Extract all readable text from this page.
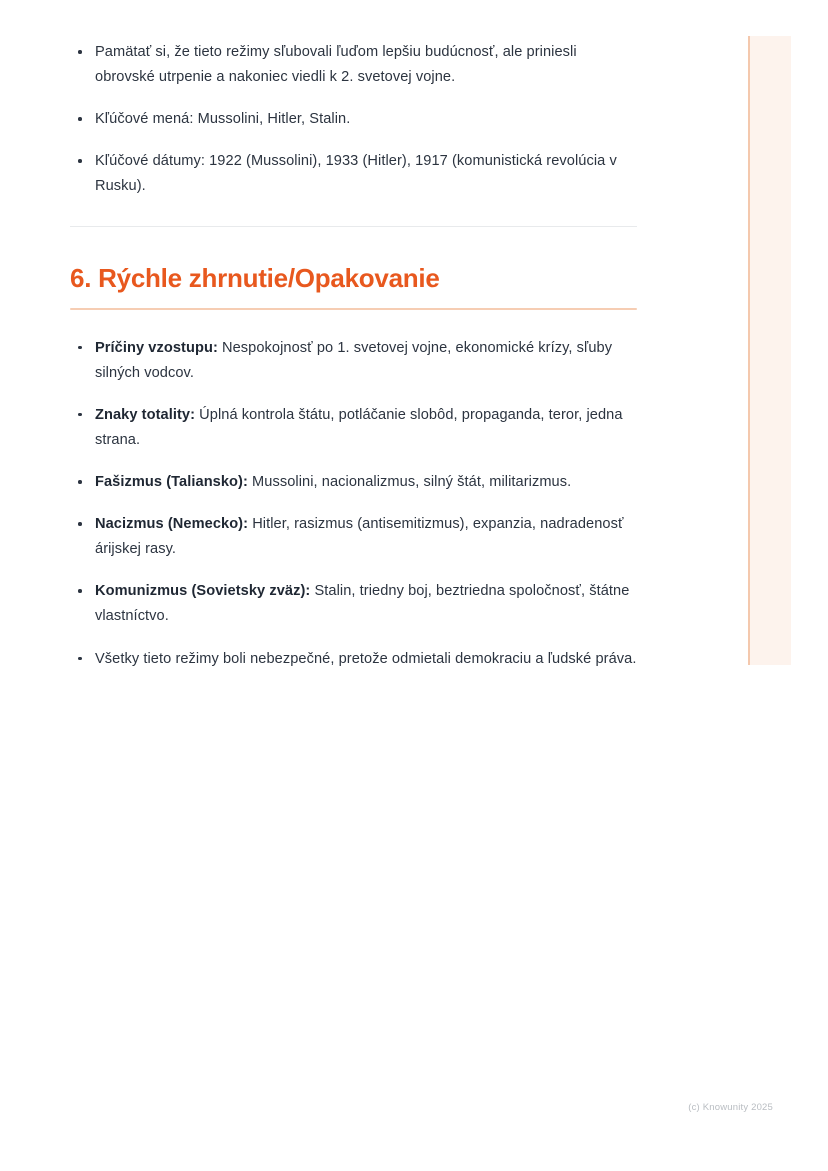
Pamätať si, že tieto režimy sľubovali ľuďom lepšiu budúcnosť, ale priniesli obrovské utrpenie a nakoniec viedli k 2. svetovej vojne.
Kľúčové mená: Mussolini, Hitler, Stalin.
Kľúčové dátumy: 1922 (Mussolini), 1933 (Hitler), 1917 (komunistická revolúcia v Rusku).
6. Rýchle zhrnutie/Opakovanie
Príčiny vzostupu: Nespokojnosť po 1. svetovej vojne, ekonomické krízy, sľuby silných vodcov.
Znaky totality: Úplná kontrola štátu, potláčanie slobôd, propaganda, teror, jedna strana.
Fašizmus (Taliansko): Mussolini, nacionalizmus, silný štát, militarizmus.
Nacizmus (Nemecko): Hitler, rasizmus (antisemitizmus), expanzia, nadradenosť árijskej rasy.
Komunizmus (Sovietsky zväz): Stalin, triedny boj, beztriedna spoločnosť, štátne vlastníctvo.
Všetky tieto režimy boli nebezpečné, pretože odmietali demokraciu a ľudské práva.
(c) Knowunity 2025
